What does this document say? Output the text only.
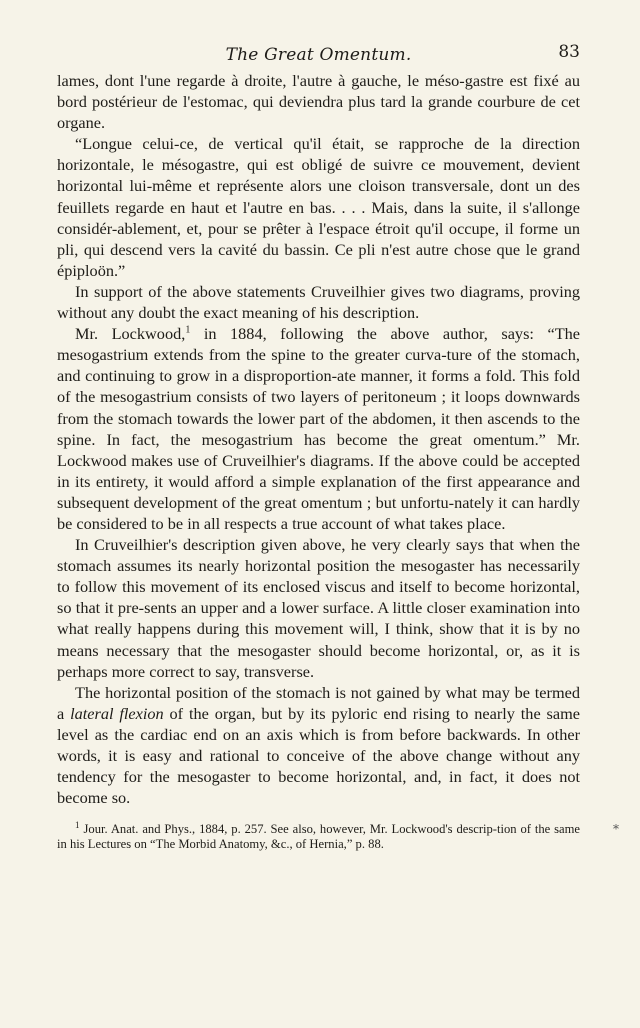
The Great Omentum.	83

lames, dont l'une regarde à droite, l'autre à gauche, le méso-gastre est fixé au bord postérieur de l'estomac, qui deviendra plus tard la grande courbure de cet organe.

“Longue celui-ce, de vertical qu'il était, se rapproche de la direction horizontale, le mésogastre, qui est obligé de suivre ce mouvement, devient horizontal lui-même et représente alors une cloison transversale, dont un des feuillets regarde en haut et l'autre en bas. . . . Mais, dans la suite, il s'allonge considér-ablement, et, pour se prêter à l'espace étroit qu'il occupe, il forme un pli, qui descend vers la cavité du bassin. Ce pli n'est autre chose que le grand épiploön.”

In support of the above statements Cruveilhier gives two diagrams, proving without any doubt the exact meaning of his description.

Mr. Lockwood,$^1$ in 1884, following the above author, says: “The mesogastrium extends from the spine to the greater curva-ture of the stomach, and continuing to grow in a disproportion-ate manner, it forms a fold. This fold of the mesogastrium consists of two layers of peritoneum ; it loops downwards from the stomach towards the lower part of the abdomen, it then ascends to the spine. In fact, the mesogastrium has become the great omentum.” Mr. Lockwood makes use of Cruveilhier's diagrams. If the above could be accepted in its entirety, it would afford a simple explanation of the first appearance and subsequent development of the great omentum ; but unfortu-nately it can hardly be considered to be in all respects a true account of what takes place.

In Cruveilhier's description given above, he very clearly says that when the stomach assumes its nearly horizontal position the mesogaster has necessarily to follow this movement of its enclosed viscus and itself to become horizontal, so that it pre-sents an upper and a lower surface. A little closer examination into what really happens during this movement will, I think, show that it is by no means necessary that the mesogaster should become horizontal, or, as it is perhaps more correct to say, transverse.

The horizontal position of the stomach is not gained by what may be termed a lateral flexion of the organ, but by its pyloric end rising to nearly the same level as the cardiac end on an axis which is from before backwards. In other words, it is easy and rational to conceive of the above change without any tendency for the mesogaster to become horizontal, and, in fact, it does not become so.

$^1$ Jour. Anat. and Phys., 1884, p. 257. See also, however, Mr. Lockwood's descrip-tion of the same in his Lectures on “The Morbid Anatomy, &c., of Hernia,” p. 88.
*
